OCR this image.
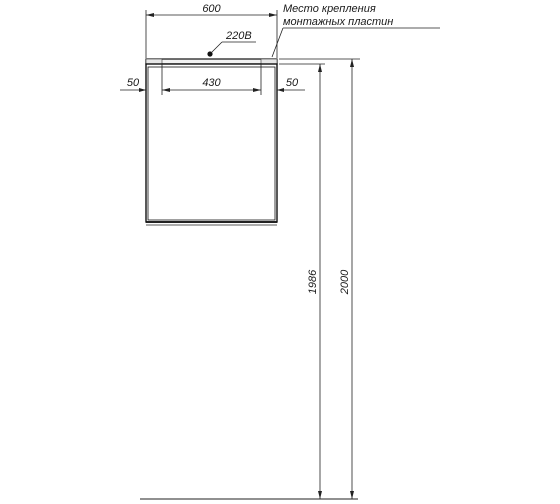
600	Место крепления
монтажных пластин
220В
50	430	50
1986 2000
